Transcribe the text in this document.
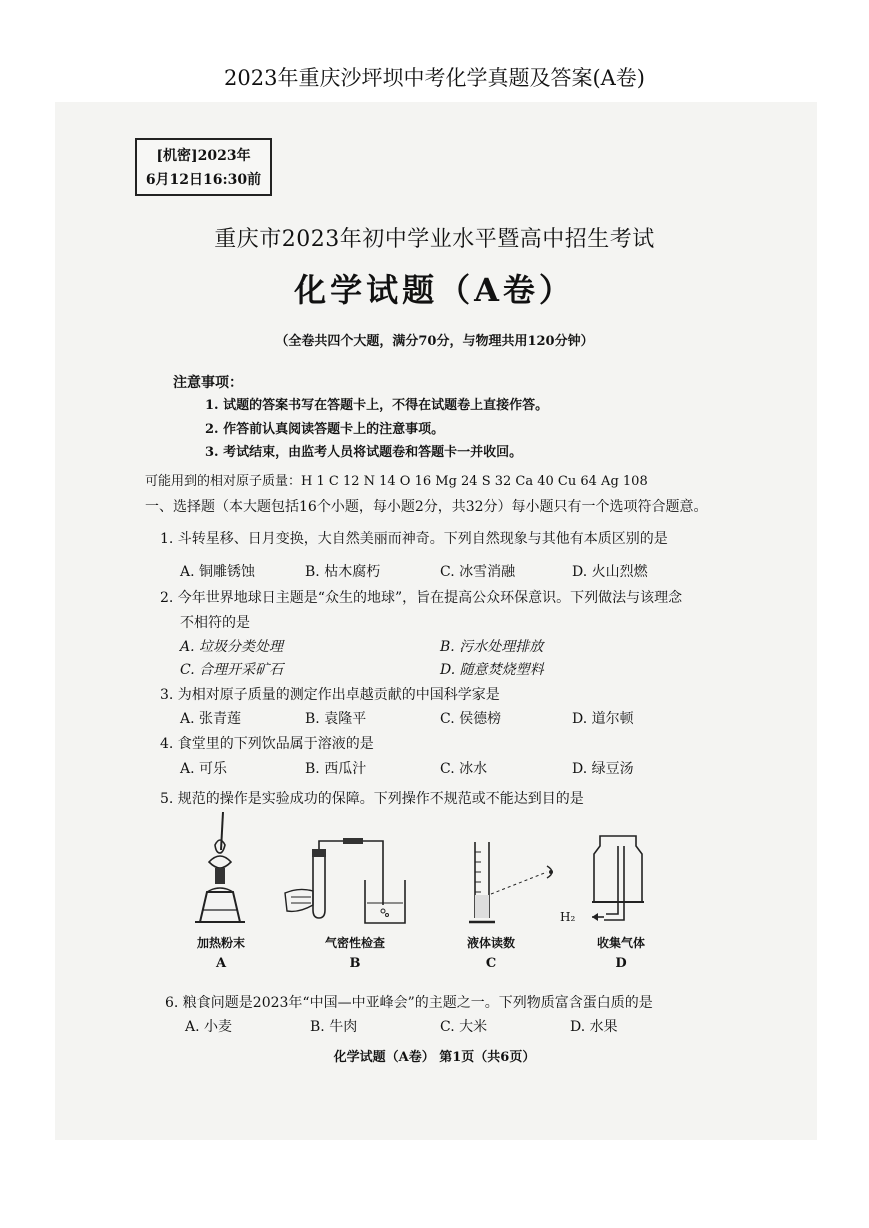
2023年重庆沙坪坝中考化学真题及答案(A卷)
[机密]2023年
6月12日16:30前
重庆市2023年初中学业水平暨高中招生考试
化学试题（A卷）
（全卷共四个大题，满分70分，与物理共用120分钟）
注意事项：
1. 试题的答案书写在答题卡上，不得在试题卷上直接作答。
2. 作答前认真阅读答题卡上的注意事项。
3. 考试结束，由监考人员将试题卷和答题卡一并收回。
可能用到的相对原子质量：H 1 C 12 N 14 O 16 Mg 24 S 32 Ca 40 Cu 64 Ag 108
一、选择题（本大题包括16个小题，每小题2分，共32分）每小题只有一个选项符合题意。
1. 斗转星移、日月变换，大自然美丽而神奇。下列自然现象与其他有本质区别的是
A. 铜雕锈蚀	B. 枯木腐朽	C. 冰雪消融	D. 火山烈燃
2. 今年世界地球日主题是“众生的地球”，旨在提高公众环保意识。下列做法与该理念
不相符的是
A. 垃圾分类处理	B. 污水处理排放
C. 合理开采矿石	D. 随意焚烧塑料
3. 为相对原子质量的测定作出卓越贡献的中国科学家是
A. 张青莲	B. 袁隆平	C. 侯德榜	D. 道尔顿
4. 食堂里的下列饮品属于溶液的是
A. 可乐	B. 西瓜汁	C. 冰水	D. 绿豆汤
5. 规范的操作是实验成功的保障。下列操作不规范或不能达到目的是
加热粉末
A
气密性检查
B
液体读数
C
H₂
收集气体
D
6. 粮食问题是2023年“中国—中亚峰会”的主题之一。下列物质富含蛋白质的是
A. 小麦	B. 牛肉	C. 大米	D. 水果
化学试题（A卷） 第1页（共6页）
